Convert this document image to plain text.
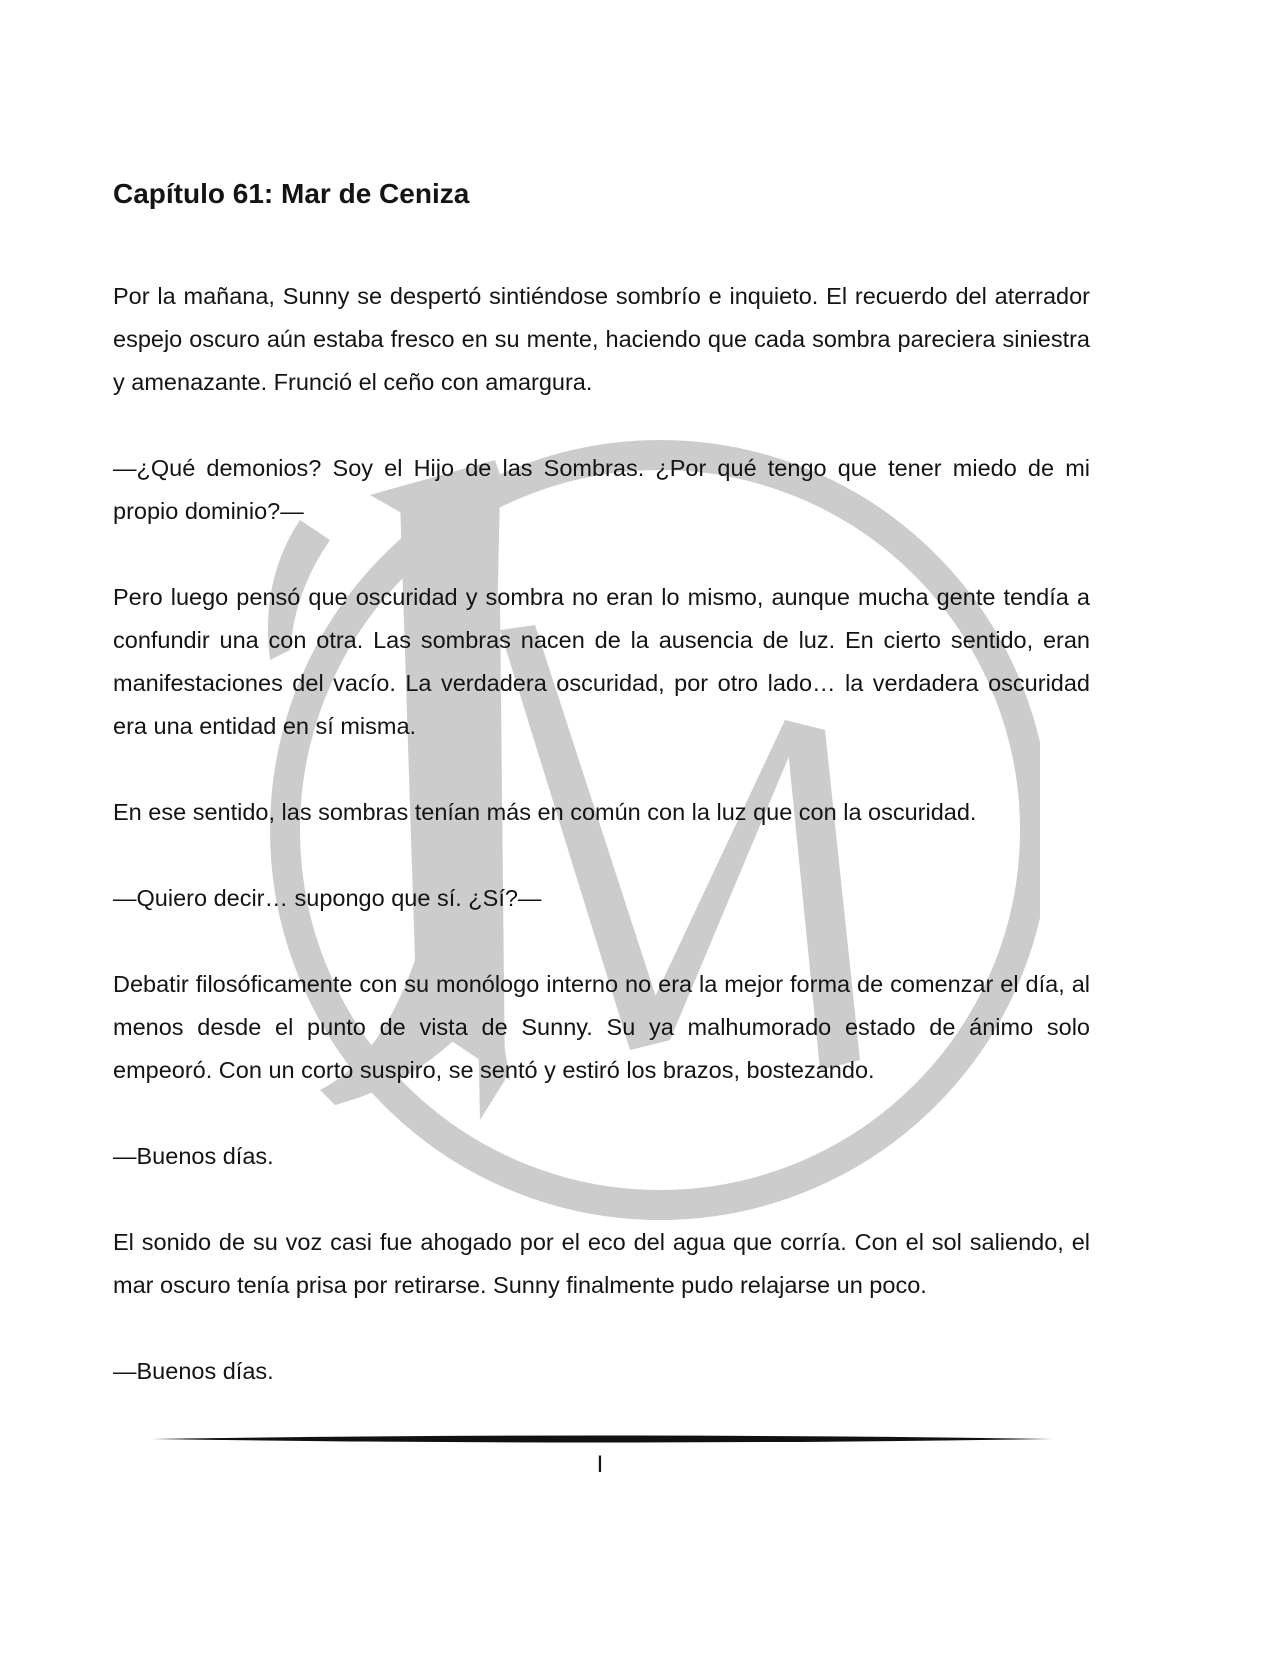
Capítulo 61: Mar de Ceniza

Por la mañana, Sunny se despertó sintiéndose sombrío e inquieto. El recuerdo del aterrador espejo oscuro aún estaba fresco en su mente, haciendo que cada sombra pareciera siniestra y amenazante. Frunció el ceño con amargura.

—¿Qué demonios? Soy el Hijo de las Sombras. ¿Por qué tengo que tener miedo de mi propio dominio?—

Pero luego pensó que oscuridad y sombra no eran lo mismo, aunque mucha gente tendía a confundir una con otra. Las sombras nacen de la ausencia de luz. En cierto sentido, eran manifestaciones del vacío. La verdadera oscuridad, por otro lado… la verdadera oscuridad era una entidad en sí misma.

En ese sentido, las sombras tenían más en común con la luz que con la oscuridad.

—Quiero decir… supongo que sí. ¿Sí?—

Debatir filosóficamente con su monólogo interno no era la mejor forma de comenzar el día, al menos desde el punto de vista de Sunny. Su ya malhumorado estado de ánimo solo empeoró. Con un corto suspiro, se sentó y estiró los brazos, bostezando.

—Buenos días.

El sonido de su voz casi fue ahogado por el eco del agua que corría. Con el sol saliendo, el mar oscuro tenía prisa por retirarse. Sunny finalmente pudo relajarse un poco.

—Buenos días.

I
